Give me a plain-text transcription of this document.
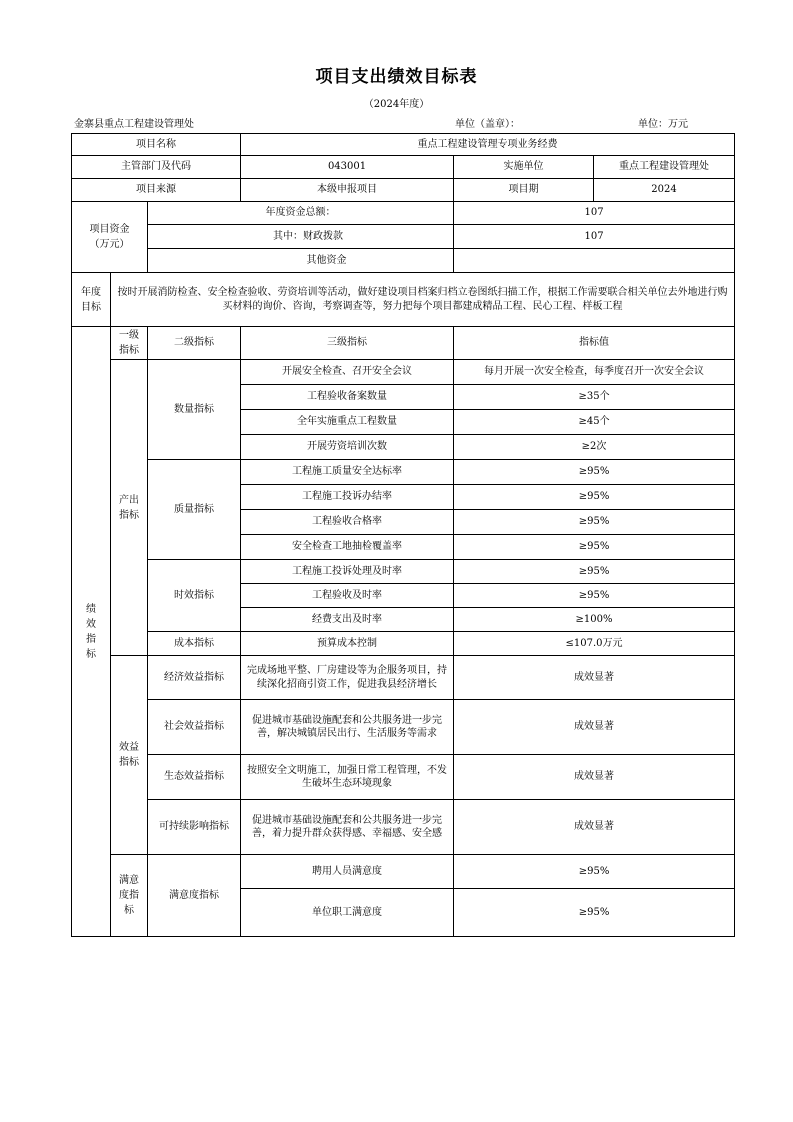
项目支出绩效目标表
（2024年度）
金寨县重点工程建设管理处	单位（盖章）：	单位：万元
项目名称			重点工程建设管理专项业务经费		
主管部门及代码			043001	实施单位	重点工程建设管理处
项目来源			本级申报项目	项目期	2024
项目资金（万元）		年度资金总额：		107	
		其中：财政拨款		107	
		其他资金			
年度目标	按时开展消防检查、安全检查验收、劳资培训等活动，做好建设项目档案归档立卷图纸扫描工作，根据工作需要联合相关单位去外地进行购买材料的询价、咨询，考察调查等，努力把每个项目都建成精品工程、民心工程、样板工程				
绩效指标	一级指标	二级指标	三级指标	指标值	
	产出指标	数量指标	开展安全检查、召开安全会议	每月开展一次安全检查，每季度召开一次安全会议	
			工程验收备案数量	≥35个	
			全年实施重点工程数量	≥45个	
			开展劳资培训次数	≥2次	
		质量指标	工程施工质量安全达标率	≥95%	
			工程施工投诉办结率	≥95%	
			工程验收合格率	≥95%	
			安全检查工地抽检覆盖率	≥95%	
		时效指标	工程施工投诉处理及时率	≥95%	
			工程验收及时率	≥95%	
			经费支出及时率	≥100%	
		成本指标	预算成本控制	≤107.0万元	
	效益指标	经济效益指标	完成场地平整、厂房建设等为企服务项目，持续深化招商引资工作，促进我县经济增长	成效显著	
		社会效益指标	促进城市基础设施配套和公共服务进一步完善，解决城镇居民出行、生活服务等需求	成效显著	
		生态效益指标	按照安全文明施工，加强日常工程管理，不发生破坏生态环境现象	成效显著	
		可持续影响指标	促进城市基础设施配套和公共服务进一步完善，着力提升群众获得感、幸福感、安全感	成效显著	
	满意度指标	满意度指标	聘用人员满意度	≥95%	
			单位职工满意度	≥95%	
